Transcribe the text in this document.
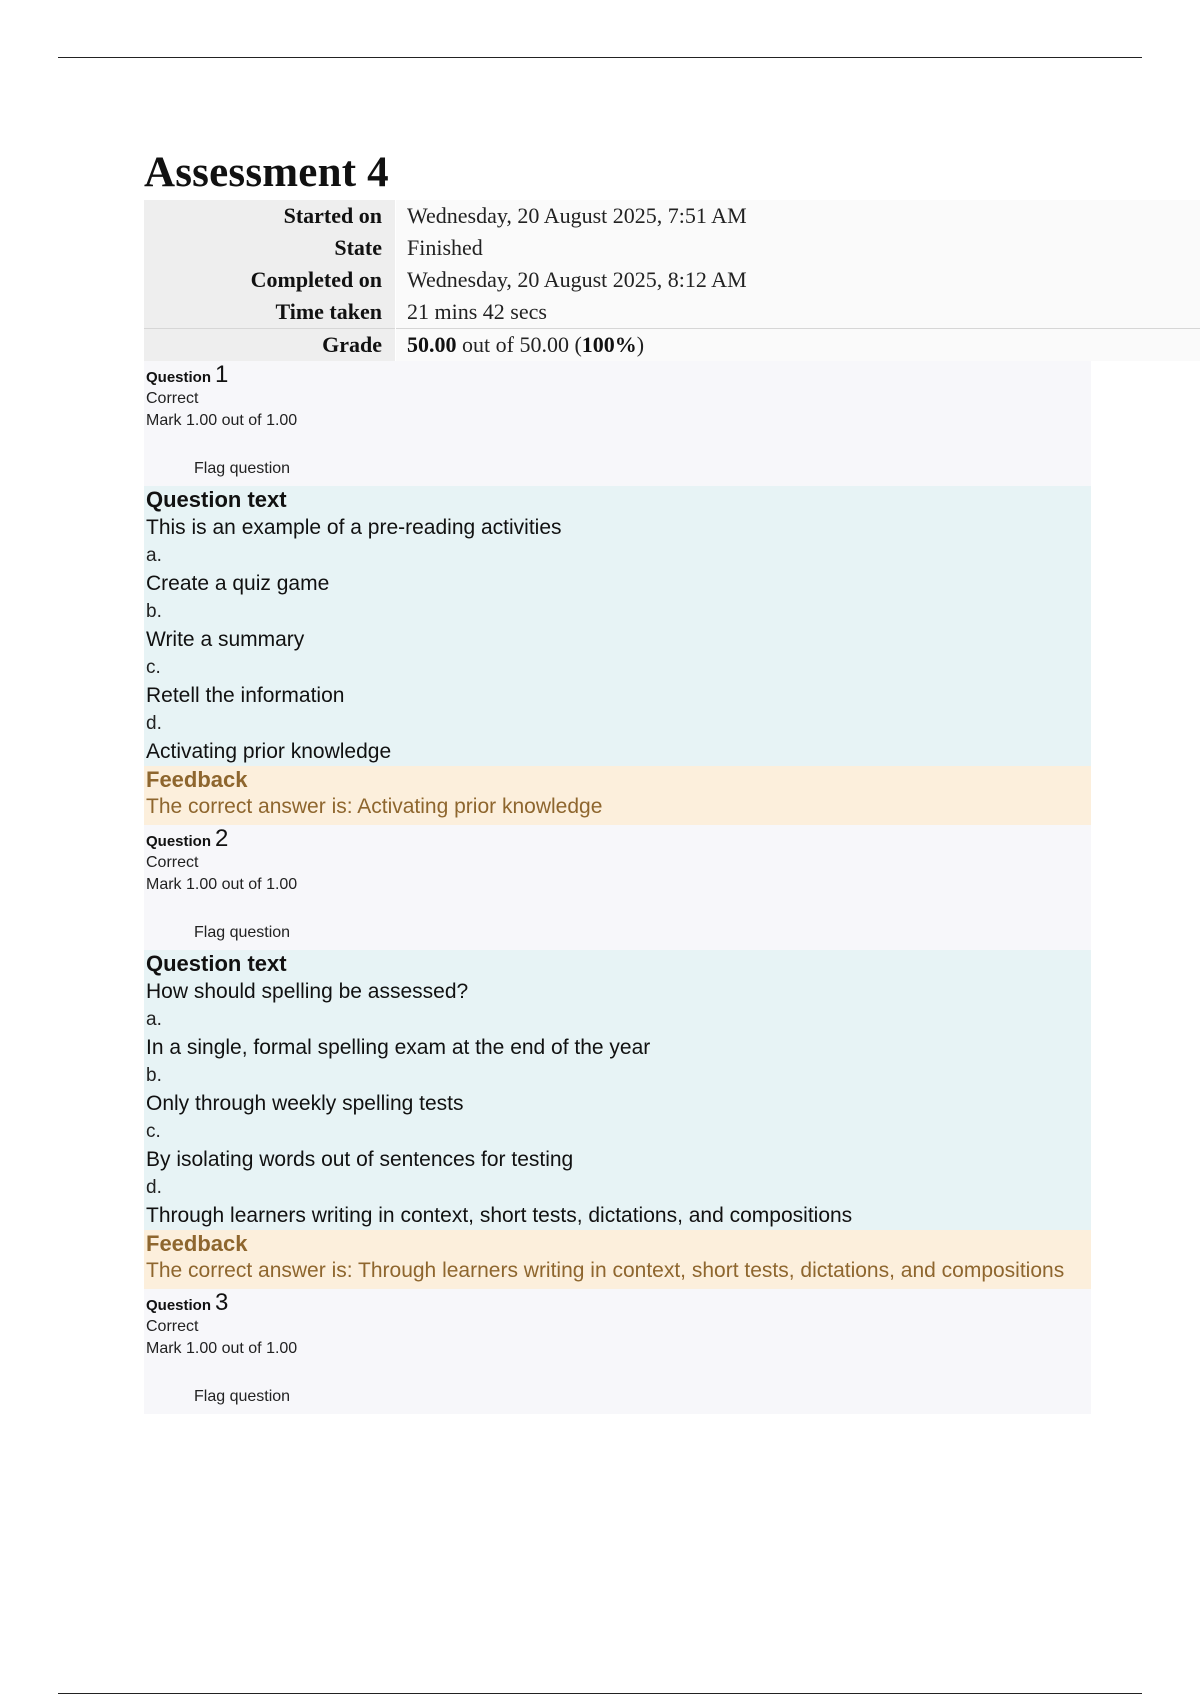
Assessment 4
Started on	Wednesday, 20 August 2025, 7:51 AM
State	Finished
Completed on	Wednesday, 20 August 2025, 8:12 AM
Time taken	21 mins 42 secs
Grade	50.00 out of 50.00 (100%)
Question 1
Correct
Mark 1.00 out of 1.00
Flag question
Question text
This is an example of a pre-reading activities
a.
Create a quiz game
b.
Write a summary
c.
Retell the information
d.
Activating prior knowledge
Feedback
The correct answer is: Activating prior knowledge
Question 2
Correct
Mark 1.00 out of 1.00
Flag question
Question text
How should spelling be assessed?
a.
In a single, formal spelling exam at the end of the year
b.
Only through weekly spelling tests
c.
By isolating words out of sentences for testing
d.
Through learners writing in context, short tests, dictations, and compositions
Feedback
The correct answer is: Through learners writing in context, short tests, dictations, and compositions
Question 3
Correct
Mark 1.00 out of 1.00
Flag question
